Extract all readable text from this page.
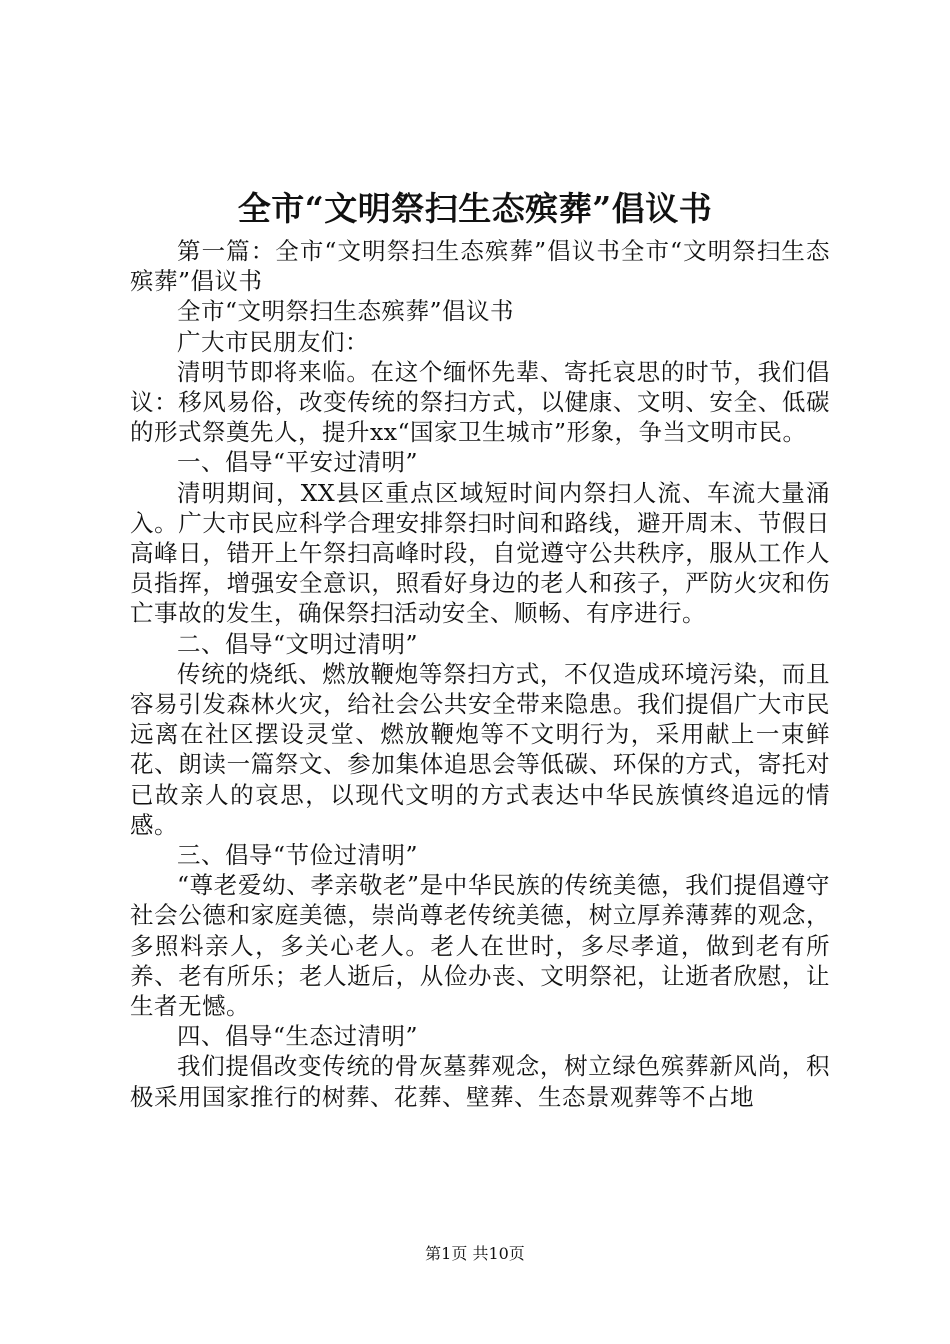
全市“文明祭扫生态殡葬”倡议书

第一篇：全市“文明祭扫生态殡葬”倡议书全市“文明祭扫生态殡葬”倡议书

全市“文明祭扫生态殡葬”倡议书

广大市民朋友们：

清明节即将来临。在这个缅怀先辈、寄托哀思的时节，我们倡议：移风易俗，改变传统的祭扫方式，以健康、文明、安全、低碳的形式祭奠先人，提升xx“国家卫生城市”形象，争当文明市民。

一、倡导“平安过清明”

清明期间，XX县区重点区域短时间内祭扫人流、车流大量涌入。广大市民应科学合理安排祭扫时间和路线，避开周末、节假日高峰日，错开上午祭扫高峰时段，自觉遵守公共秩序，服从工作人员指挥，增强安全意识，照看好身边的老人和孩子，严防火灾和伤亡事故的发生，确保祭扫活动安全、顺畅、有序进行。

二、倡导“文明过清明”

传统的烧纸、燃放鞭炮等祭扫方式，不仅造成环境污染，而且容易引发森林火灾，给社会公共安全带来隐患。我们提倡广大市民远离在社区摆设灵堂、燃放鞭炮等不文明行为，采用献上一束鲜花、朗读一篇祭文、参加集体追思会等低碳、环保的方式，寄托对已故亲人的哀思，以现代文明的方式表达中华民族慎终追远的情感。

三、倡导“节俭过清明”

“尊老爱幼、孝亲敬老”是中华民族的传统美德，我们提倡遵守社会公德和家庭美德，崇尚尊老传统美德，树立厚养薄葬的观念，多照料亲人，多关心老人。老人在世时，多尽孝道，做到老有所养、老有所乐；老人逝后，从俭办丧、文明祭祀，让逝者欣慰，让生者无憾。

四、倡导“生态过清明”

我们提倡改变传统的骨灰墓葬观念，树立绿色殡葬新风尚，积极采用国家推行的树葬、花葬、壁葬、生态景观葬等不占地

第1页 共10页
